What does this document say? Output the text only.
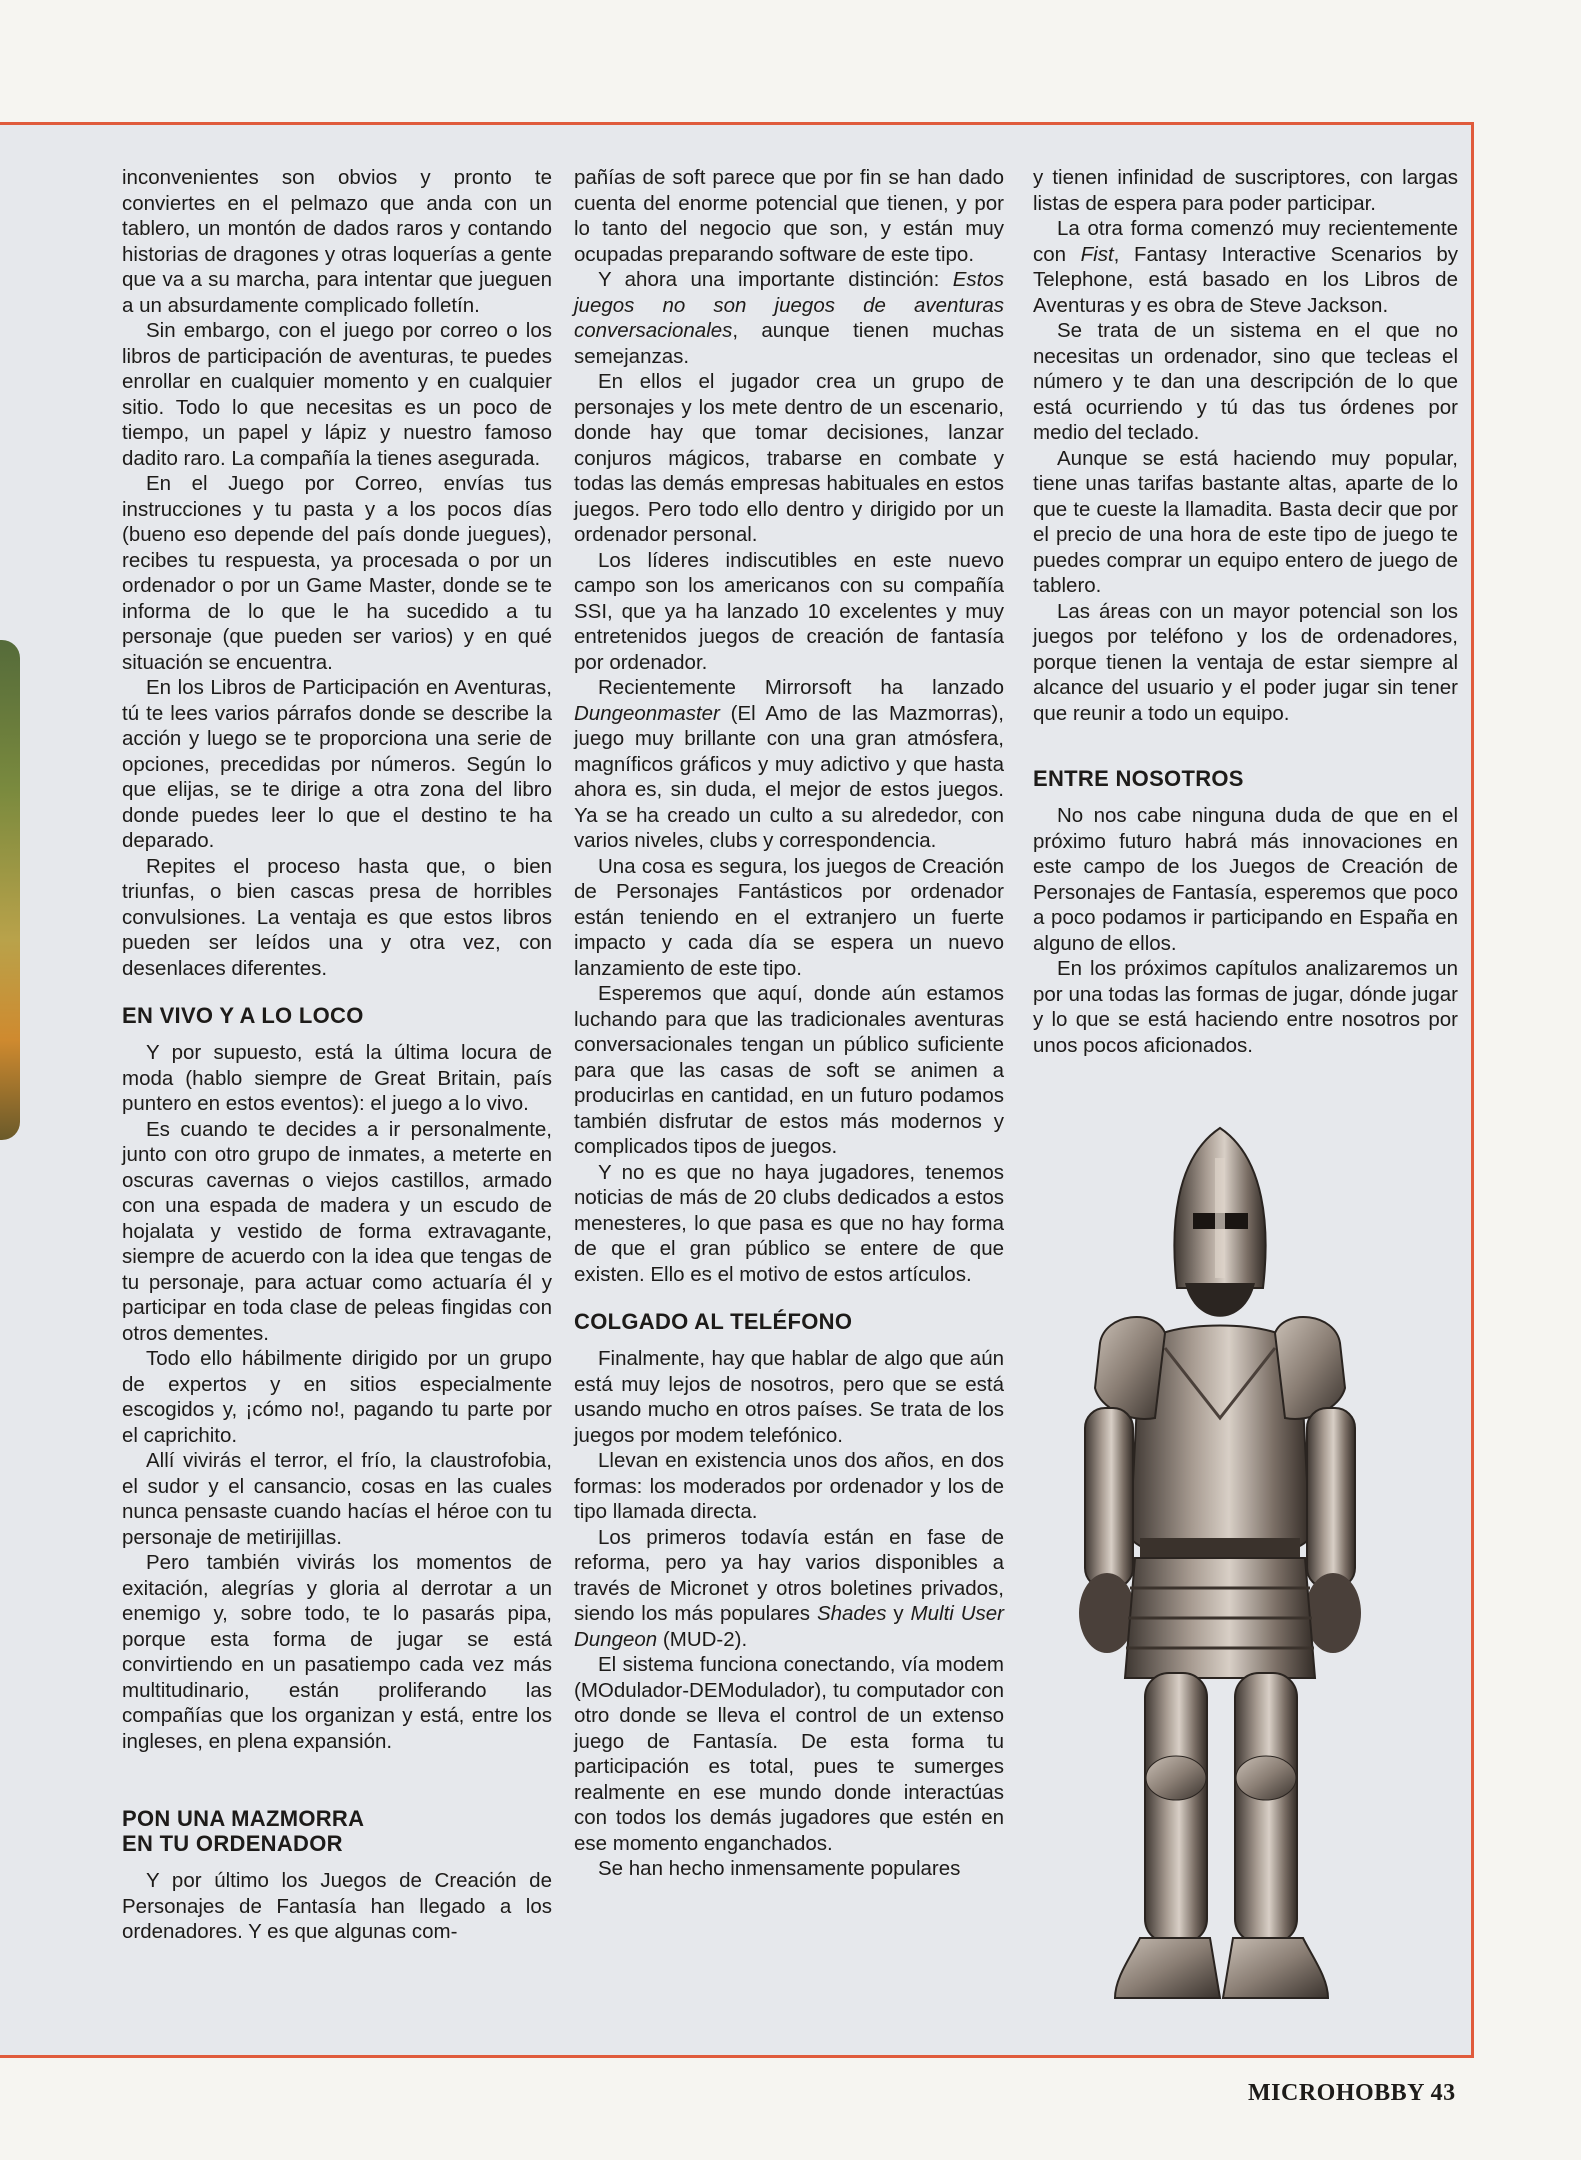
inconvenientes son obvios y pronto te conviertes en el pelmazo que anda con un tablero, un montón de dados raros y contando historias de dragones y otras loquerías a gente que va a su marcha, para intentar que jueguen a un absurdamente complicado folletín.

Sin embargo, con el juego por correo o los libros de participación de aventuras, te puedes enrollar en cualquier momento y en cualquier sitio. Todo lo que necesitas es un poco de tiempo, un papel y lápiz y nuestro famoso dadito raro. La compañía la tienes asegurada.

En el Juego por Correo, envías tus instrucciones y tu pasta y a los pocos días (bueno eso depende del país donde juegues), recibes tu respuesta, ya procesada o por un ordenador o por un Game Master, donde se te informa de lo que le ha sucedido a tu personaje (que pueden ser varios) y en qué situación se encuentra.

En los Libros de Participación en Aventuras, tú te lees varios párrafos donde se describe la acción y luego se te proporciona una serie de opciones, precedidas por números. Según lo que elijas, se te dirige a otra zona del libro donde puedes leer lo que el destino te ha deparado.

Repites el proceso hasta que, o bien triunfas, o bien cascas presa de horribles convulsiones. La ventaja es que estos libros pueden ser leídos una y otra vez, con desenlaces diferentes.

EN VIVO Y A LO LOCO

Y por supuesto, está la última locura de moda (hablo siempre de Great Britain, país puntero en estos eventos): el juego a lo vivo.

Es cuando te decides a ir personalmente, junto con otro grupo de inmates, a meterte en oscuras cavernas o viejos castillos, armado con una espada de madera y un escudo de hojalata y vestido de forma extravagante, siempre de acuerdo con la idea que tengas de tu personaje, para actuar como actuaría él y participar en toda clase de peleas fingidas con otros dementes.

Todo ello hábilmente dirigido por un grupo de expertos y en sitios especialmente escogidos y, ¡cómo no!, pagando tu parte por el caprichito.

Allí vivirás el terror, el frío, la claustrofobia, el sudor y el cansancio, cosas en las cuales nunca pensaste cuando hacías el héroe con tu personaje de metirijillas.

Pero también vivirás los momentos de exitación, alegrías y gloria al derrotar a un enemigo y, sobre todo, te lo pasarás pipa, porque esta forma de jugar se está convirtiendo en un pasatiempo cada vez más multitudinario, están proliferando las compañías que los organizan y está, entre los ingleses, en plena expansión.

PON UNA MAZMORRA
EN TU ORDENADOR

Y por último los Juegos de Creación de Personajes de Fantasía han llegado a los ordenadores. Y es que algunas com-

pañías de soft parece que por fin se han dado cuenta del enorme potencial que tienen, y por lo tanto del negocio que son, y están muy ocupadas preparando software de este tipo.

Y ahora una importante distinción: Estos juegos no son juegos de aventuras conversacionales, aunque tienen muchas semejanzas.

En ellos el jugador crea un grupo de personajes y los mete dentro de un escenario, donde hay que tomar decisiones, lanzar conjuros mágicos, trabarse en combate y todas las demás empresas habituales en estos juegos. Pero todo ello dentro y dirigido por un ordenador personal.

Los líderes indiscutibles en este nuevo campo son los americanos con su compañía SSI, que ya ha lanzado 10 excelentes y muy entretenidos juegos de creación de fantasía por ordenador.

Recientemente Mirrorsoft ha lanzado Dungeonmaster (El Amo de las Mazmorras), juego muy brillante con una gran atmósfera, magníficos gráficos y muy adictivo y que hasta ahora es, sin duda, el mejor de estos juegos. Ya se ha creado un culto a su alrededor, con varios niveles, clubs y correspondencia.

Una cosa es segura, los juegos de Creación de Personajes Fantásticos por ordenador están teniendo en el extranjero un fuerte impacto y cada día se espera un nuevo lanzamiento de este tipo.

Esperemos que aquí, donde aún estamos luchando para que las tradicionales aventuras conversacionales tengan un público suficiente para que las casas de soft se animen a producirlas en cantidad, en un futuro podamos también disfrutar de estos más modernos y complicados tipos de juegos.

Y no es que no haya jugadores, tenemos noticias de más de 20 clubs dedicados a estos menesteres, lo que pasa es que no hay forma de que el gran público se entere de que existen. Ello es el motivo de estos artículos.

COLGADO AL TELÉFONO

Finalmente, hay que hablar de algo que aún está muy lejos de nosotros, pero que se está usando mucho en otros países. Se trata de los juegos por modem telefónico.

Llevan en existencia unos dos años, en dos formas: los moderados por ordenador y los de tipo llamada directa.

Los primeros todavía están en fase de reforma, pero ya hay varios disponibles a través de Micronet y otros boletines privados, siendo los más populares Shades y Multi User Dungeon (MUD-2).

El sistema funciona conectando, vía modem (MOdulador-DEModulador), tu computador con otro donde se lleva el control de un extenso juego de Fantasía. De esta forma tu participación es total, pues te sumerges realmente en ese mundo donde interactúas con todos los demás jugadores que estén en ese momento enganchados.

Se han hecho inmensamente populares

y tienen infinidad de suscriptores, con largas listas de espera para poder participar.

La otra forma comenzó muy recientemente con Fist, Fantasy Interactive Scenarios by Telephone, está basado en los Libros de Aventuras y es obra de Steve Jackson.

Se trata de un sistema en el que no necesitas un ordenador, sino que tecleas el número y te dan una descripción de lo que está ocurriendo y tú das tus órdenes por medio del teclado.

Aunque se está haciendo muy popular, tiene unas tarifas bastante altas, aparte de lo que te cueste la llamadita. Basta decir que por el precio de una hora de este tipo de juego te puedes comprar un equipo entero de juego de tablero.

Las áreas con un mayor potencial son los juegos por teléfono y los de ordenadores, porque tienen la ventaja de estar siempre al alcance del usuario y el poder jugar sin tener que reunir a todo un equipo.

ENTRE NOSOTROS

No nos cabe ninguna duda de que en el próximo futuro habrá más innovaciones en este campo de los Juegos de Creación de Personajes de Fantasía, esperemos que poco a poco podamos ir participando en España en alguno de ellos.

En los próximos capítulos analizaremos un por una todas las formas de jugar, dónde jugar y lo que se está haciendo entre nosotros por unos pocos aficionados.

MICROHOBBY 43
